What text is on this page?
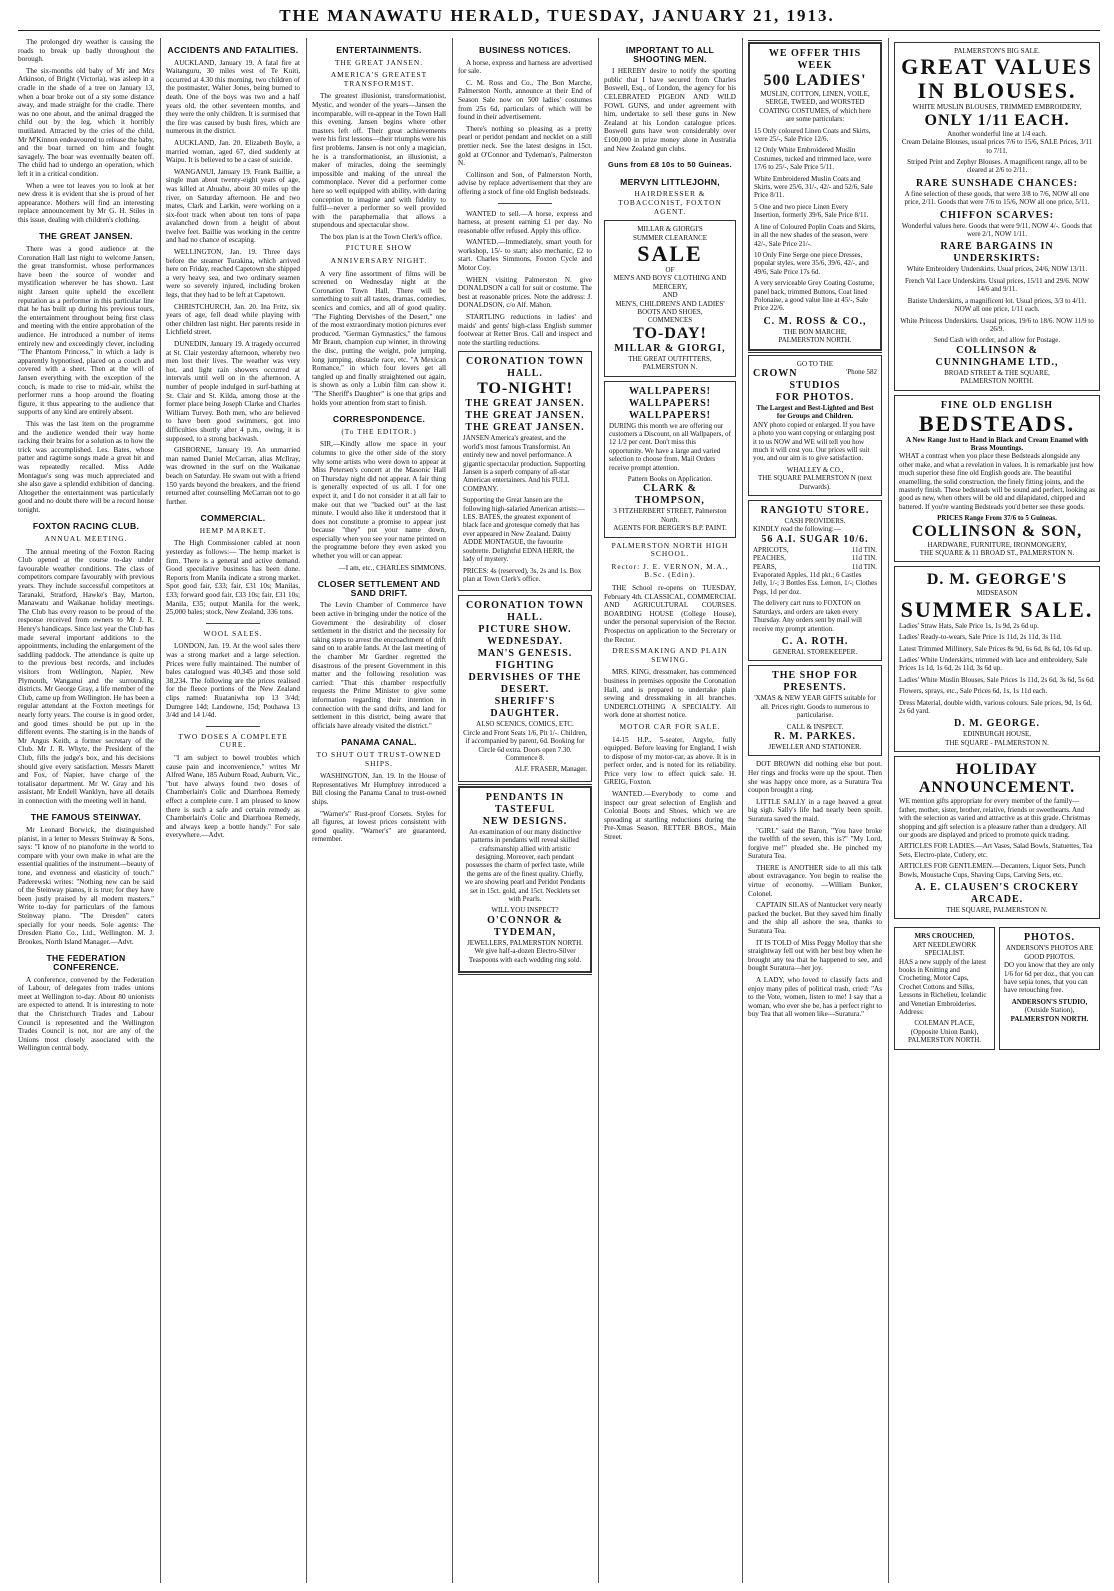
THE MANAWATU HERALD, TUESDAY, JANUARY 21, 1913.

The prolonged dry weather is causing the roads to break up badly throughout the borough.

The six-months old baby of Mr and Mrs Atkinson, of Bright (Victoria), was asleep in a cradle in the shade of a tree on January 13, when a boar broke out of a sty some distance away, and made straight for the cradle. There was no one about, and the animal dragged the child out by the leg, which it horribly mutilated. Attracted by the cries of the child, Mr M'Kinnon endeavoured to release the baby, and the boar turned on him and fought savagely. The boar was eventually beaten off. The child had to undergo an operation, which left it in a critical condition.

When a wee tot leaves you to look at her new dress it is evident that she is proud of her appearance. Mothers will find an interesting replace announcement by Mr G. H. Stiles in this issue, dealing with children's clothing.

THE GREAT JANSEN.

There was a good audience at the Coronation Hall last night to welcome Jansen, the great transformist, whose performances have been the source of wonder and mystification wherever he has shown. Last night Jansen quite upheld the excellent reputation as a performer in this particular line that he has built up during his previous tours, the entertainment throughout being first class and meeting with the entire approbation of the audience. He introduced a number of items entirely new and exceedingly clever, including "The Phantom Princess," in which a lady is apparently hypnotised, placed on a couch and covered with a sheet. Then at the will of Jansen everything with the exception of the couch, is made to rise to mid-air, whilst the performer runs a hoop around the floating figure, it thus appearing to the audience that supports of any kind are entirely absent.

This was the last item on the programme and the audience wended their way home racking their brains for a solution as to how the trick was accomplished. Les. Bates, whose patter and ragtime songs made a great hit and was repeatedly recalled. Miss Adde Montague's song was much appreciated and she also gave a splendid exhibition of dancing. Altogether the entertainment was particularly good and no doubt there will be a record house tonight.

FOXTON RACING CLUB.
ANNUAL MEETING.

The annual meeting of the Foxton Racing Club opened at the course to-day under favourable weather conditions. The class of competitors compare favourably with previous years. They include successful competitors at Taranaki, Stratford, Hawke's Bay, Marton, Manawatu and Waikanae holiday meetings. The Club has every reason to be proud of the response received from owners to Mr J. R. Henry's handicaps. Since last year the Club has made several important additions to the appointments, including the enlargement of the saddling paddock. The attendance is quite up to the previous best records, and includes visitors from Wellington, Napier, New Plymouth, Wanganui and the surrounding districts. Mr George Gray, a life member of the Club, came up from Wellington. He has been a regular attendant at the Foxton meetings for nearly forty years. The course is in good order, and good times should be put up in the different events. The starting is in the hands of Mr Angus Keith, a former secretary of the Club. Mr J. R. Whyte, the President of the Club, fills the judge's box, and his decisions should give every satisfaction. Messrs Marett and Fox, of Napier, have charge of the totalisator department. Mr W. Gray and his assistant, Mr Endell Wanklyn, have all details in connection with the meeting well in hand.

THE FAMOUS STEINWAY.

Mr Leonard Borwick, the distinguished pianist, in a letter to Messrs Steinway & Sons, says: "I know of no pianoforte in the world to compare with your own make in what are the essential qualities of the instrument—beauty of tone, and evenness and elasticity of touch." Paderewski writes: "Nothing new can be said of the Steinway pianos, it is true; for they have been justly praised by all modern masters." Write to-day for particulars of the famous Steinway piano. "The Dresden" caters specially for your needs. Sole agents: The Dresden Piano Co., Ltd., Wellington. M. J. Brookes, North Island Manager.—Advt.

THE FEDERATION CONFERENCE.

A conference, convened by the Federation of Labour, of delegates from trades unions meet at Wellington to-day. About 80 unionists are expected to attend. It is interesting to note that the Christchurch Trades and Labour Council is represented and the Wellington Trades Council is not, nor are any of the Unions most closely associated with the Wellington central body.

ACCIDENTS AND FATALITIES.

AUCKLAND, January 19. A fatal fire at Waitanguru, 30 miles west of Te Kuiti, occurred at 4.30 this morning, two children of the postmaster, Walter Jones, being burned to death. One of the boys was two and a half years old, the other seventeen months, and they were the only children. It is surmised that the fire was caused by bush fires, which are numerous in the district.

AUCKLAND, Jan. 20. Elizabeth Boyle, a married woman, aged 67, died suddenly at Waipu. It is believed to be a case of suicide.

WANGANUI, January 19. Frank Baillie, a single man about twenty-eight years of age, was killed at Ahuahu, about 30 miles up the river, on Saturday afternoon. He and two mates, Clark and Larkin, were working on a six-foot track when about ten tons of papa avalanched down from a height of about twelve feet. Baillie was working in the centre and had no chance of escaping.

WELLINGTON, Jan. 19. Three days before the steamer Turakina, which arrived here on Friday, reached Capetown she shipped a very heavy sea, and two ordinary seamen were so severely injured, including broken legs, that they had to be left at Capetown.

CHRISTCHURCH, Jan. 20. Ina Fritz, six years of age, fell dead while playing with other children last night. Her parents reside in Lichfield street.

DUNEDIN, January 19. A tragedy occurred at St. Clair yesterday afternoon, whereby two men lost their lives. The weather was very hot, and light rain showers occurred at intervals until well on in the afternoon. A number of people indulged in surf-bathing at St. Clair and St. Kilda, among those at the former place being Joseph Clarke and Charles William Turvey. Both men, who are believed to have been good swimmers, got into difficulties shortly after 4 p.m., owing, it is supposed, to a strong backwash.

GISBORNE, January 19. An unmarried man named Daniel McCarran, alias McIlray, was drowned in the surf on the Waikanae beach on Saturday. He swam out with a friend 150 yards beyond the breakers, and the friend returned after counselling McCarran not to go further.

COMMERCIAL.
HEMP MARKET.

The High Commissioner cabled at noon yesterday as follows:— The hemp market is firm. There is a general and active demand. Good speculative business has been done. Reports from Manila indicate a strong market. Spot good fair, £33; fair, £31 10s; Manilas, £33; forward good fair, £33 10s; fair, £31 10s; Manila, £35; output Manila for the week, 25,000 bales; stock, New Zealand, 336 tons.

WOOL SALES.

LONDON, Jan. 19. At the wool sales there was a strong market and a large selection. Prices were fully maintained. The number of bales catalogued was 40,345 and those sold 38,234. The following are the prices realised for the fleece portions of the New Zealand clips named: Ruataniwha top 13 3/4d; Dumgree 14d; Landowne, 15d; Pouhawa 13 3/4d and 14 1/4d.

TWO DOSES A COMPLETE CURE.

"I am subject to bowel troubles which cause pain and inconvenience," writes Mr Alfred Wane, 185 Auburn Road, Auburn, Vic., "but have always found two doses of Chamberlain's Colic and Diarrhoea Remedy effect a complete cure. I am pleased to know there is such a safe and certain remedy as Chamberlain's Colic and Diarrhoea Remedy, and always keep a bottle handy." For sale everywhere.—Advt.

ENTERTAINMENTS.
THE GREAT JANSEN.
AMERICA'S GREATEST TRANSFORMIST.

The greatest illusionist, transformationist, Mystic, and wonder of the years—Jansen the incomparable, will re-appear in the Town Hall this evening. Jansen begins where other masters left off. Their great achievements were his first lessons—their triumphs were his first problems. Jansen is not only a magician, he is a transformationist, an illusionist, a maker of miracles, doing the seemingly impossible and making of the unreal the commonplace. Never did a performer come here so well equipped with ability, with daring conception to imagine and with fidelity to fulfil—never a performer so well provided with the paraphernalia that allows a stupendous and spectacular show.

The box plan is at the Town Clerk's office.

PICTURE SHOW
ANNIVERSARY NIGHT.

A very fine assortment of films will be screened on Wednesday night at the Coronation Town Hall. There will be something to suit all tastes, dramas, comedies, scenics and comics, and all of good quality. "The Fighting Dervishes of the Desert," one of the most extraordinary motion pictures ever produced. "German Gymnastics," the famous Mr Braun, champion cup winner, in throwing the disc, putting the weight, pole jumping, long jumping, obstacle race, etc. "A Mexican Romance," in which four lovers get all tangled up and finally straightened out again, is shown as only a Lubin film can show it. "The Sheriff's Daughter" is one that grips and holds your attention from start to finish.

CORRESPONDENCE.
(To THE EDITOR.)

SIR,—Kindly allow me space in your columns to give the other side of the story why some artists who were down to appear at Miss Petersen's concert at the Masonic Hall on Thursday night did not appear. A fair thing is generally expected of us all. I for one expect it, and I do not consider it at all fair to make out that we "backed out" at the last minute. I would also like it understood that it does not constitute a promise to appear just because "they" put your name down, especially when you see your name printed on the programme before they even asked you whether you will or can appear.

—I am, etc., CHARLES SIMMONS.

CLOSER SETTLEMENT AND SAND DRIFT.

The Levin Chamber of Commerce have been active in bringing under the notice of the Government the desirability of closer settlement in the district and the necessity for taking steps to arrest the encroachment of drift sand on to arable lands. At the last meeting of the chamber Mr Gardner regretted the disastrous of the present Government in this matter and the following resolution was carried: "That this chamber respectfully requests the Prime Minister to give some information regarding their intention in connection with the sand drifts, and land for settlement in this district, being aware that officials have already visited the district."

PANAMA CANAL.
TO SHUT OUT TRUST-OWNED SHIPS.

WASHINGTON, Jan. 19. In the House of Representatives Mr Humphrey introduced a Bill closing the Panama Canal to trust-owned ships.

"Warner's" Rust-proof Corsets. Styles for all figures, at lowest prices consistent with good quality. "Warner's" are guaranteed, remember.

BUSINESS NOTICES.

A horse, express and harness are advertised for sale.

C. M. Ross and Co., The Bon Marche, Palmerston North, announce at their End of Season Sale now on 500 ladies' costumes from 25s 6d, particulars of which will be found in their advertisement.

There's nothing so pleasing as a pretty pearl or peridot pendant and necklet on a still prettier neck. See the latest designs in 15ct. gold at O'Connor and Tydeman's, Palmerston N.

Collinson and Son, of Palmerston North, advise by replace advertisement that they are offering a stock of fine old English bedsteads.

WANTED to sell.—A horse, express and harness, at present earning £1 per day. No reasonable offer refused. Apply this office.

WANTED.—Immediately, smart youth for workshop, 15/- to start; also mechanic, £2 to start. Charles Simmons, Foxton Cycle and Motor Coy.

WHEN visiting Palmerston N. give DONALDSON a call for suit or costume. The best at reasonable prices. Note the address: J. DONALDSON, c/o Alf. Mahon.

STARTLING reductions in ladies' and maids' and gents' high-class English summer footwear at Retter Bros. Call and inspect and note the startling reductions.

CORONATION TOWN HALL.
TO-NIGHT!
THE GREAT JANSEN.
THE GREAT JANSEN.
THE GREAT JANSEN.

JANSEN America's greatest, and the world's most famous Transformist. An entirely new and novel performance. A gigantic spectacular production. Supporting Jansen is a superb company of all-star American entertainers. And his FULL COMPANY.

Supporting the Great Jansen are the following high-salaried American artists:— LES. BATES, the greatest exponent of black face and grotesque comedy that has ever appeared in New Zealand. Dainty ADDE MONTAGUE, the favourite soubrette. Delightful EDNA HERR, the lady of mystery.

PRICES: 4s (reserved), 3s, 2s and 1s. Box plan at Town Clerk's office.

CORONATION TOWN HALL.
PICTURE SHOW.
WEDNESDAY.
MAN'S GENESIS.
FIGHTING DERVISHES OF THE DESERT.
SHERIFF'S DAUGHTER.
ALSO SCENICS, COMICS, ETC.

Circle and Front Seats 1/6, Pit 1/-. Children, if accompanied by parent, 6d. Booking for Circle 6d extra. Doors open 7.30. Commence 8.

ALF. FRASER, Manager.

PENDANTS IN
TASTEFUL
NEW DESIGNS.

An examination of our many distinctive patterns in pendants will reveal skilled craftsmanship allied with artistic designing. Moreover, each pendant possesses the charm of perfect taste, while the gems are of the finest quality. Chiefly, we are showing pearl and Peridot Pendants set in 15ct. gold, and 15ct. Necklets set with Pearls.

WILL YOU INSPECT?
O'CONNOR & TYDEMAN,
JEWELLERS, PALMERSTON NORTH.

We give half-a-dozen Electro-Silver Teaspoons with each wedding ring sold.

IMPORTANT TO ALL SHOOTING MEN.

I HEREBY desire to notify the sporting public that I have secured from Charles Boswell, Esq., of London, the agency for his CELEBRATED PIGEON AND WILD FOWL GUNS, and under agreement with him, undertake to sell these guns in New Zealand at his London catalogue prices. Boswell guns have won considerably over £100,000 in prize money alone in Australia and New Zealand gun clubs.

Guns from £8 10s to 50 Guineas.
MERVYN LITTLEJOHN,
HAIRDRESSER & TOBACCONIST, FOXTON AGENT.
MILLAR & GIORGI'S
SUMMER CLEARANCE
SALE
OF
MEN'S AND BOYS' CLOTHING AND MERCERY,
AND
MEN'S, CHILDREN'S AND LADIES'
BOOTS AND SHOES,
COMMENCES
TO-DAY!
MILLAR & GIORGI,
THE GREAT OUTFITTERS,
PALMERSTON N.
WALLPAPERS! WALLPAPERS! WALLPAPERS!

DURING this month we are offering our customers a Discount, on all Wallpapers, of 12 1/2 per cent. Don't miss this opportunity. We have a large and varied selection to choose from. Mail Orders receive prompt attention.

Pattern Books on Application.
CLARK & THOMPSON,
3 FITZHERBERT STREET, Palmerston North.
AGENTS FOR BERGER'S B.P. PAINT.
PALMERSTON NORTH HIGH SCHOOL.
Rector: J. E. VERNON, M.A., B.Sc. (Edin).

THE School re-opens on TUESDAY, February 4th. CLASSICAL, COMMERCIAL AND AGRICULTURAL COURSES. BOARDING HOUSE (College House), under the personal supervision of the Rector. Prospectus on application to the Secretary or the Rector.

DRESSMAKING AND PLAIN SEWING.

MRS. KING, dressmaker, has commenced business in premises opposite the Coronation Hall, and is prepared to undertake plain sewing and dressmaking in all branches. UNDERCLOTHING A SPECIALTY. All work done at shortest notice.

MOTOR CAR FOR SALE.

14-15 H.P., 5-seater, Argyle, fully equipped. Before leaving for England, I wish to dispose of my motor-car, as above. It is in perfect order, and is noted for its reliability. Price very low to effect quick sale. H. GREIG, Foxton.

WANTED.—Everybody to come and inspect our great selection of English and Colonial Boots and Shoes, which we are spreading at startling reductions during the Pre-Xmas Season. RETTER BROS., Main Street.

WE OFFER THIS WEEK
500 LADIES'

MUSLIN, COTTON, LINEN, VOILE, SERGE, TWEED, and WORSTED COATING COSTUMES, of which here are some particulars:

15 Only coloured Linen Coats and Skirts, were 25/-, Sale Price 12/6.

12 Only White Embroidered Muslin Costumes, tucked and trimmed lace, were 17/6 to 25/-, Sale Price 5/11.

White Embroidered Muslin Coats and Skirts, were 25/6, 31/-, 42/- and 52/6, Sale Price 8/11.

5 One and two piece Linen Every Insertion, formerly 39/6, Sale Price 8/11.

A line of Coloured Poplin Coats and Skirts, in all the new shades of the season, were 42/-, Sale Price 21/-.

10 Only Fine Serge one piece Dresses, popular styles, were 35/6, 39/6, 42/-, and 49/6, Sale Price 17s 6d.

A very serviceable Grey Coating Costume, panel back, trimmed Buttons, Coat lined Polonaise, a good value line at 45/-, Sale Price 22/6.

C. M. ROSS & CO.,
THE BON MARCHE,
PALMERSTON NORTH.
GO TO THE
CROWN	'Phone 582
STUDIOS
FOR PHOTOS.
The Largest and Best-Lighted and Best for Groups and Children.

ANY photo copied or enlarged. If you have a photo you want copying or enlarging post it to us NOW and WE will tell you how much it will cost you. Our prices will suit you, and our aim is to give satisfaction.

WHALLEY & CO.,
THE SQUARE PALMERSTON N (next Durwards).
RANGIOTU STORE.
CASH PROVIDERS.
KINDLY read the following:—
56 A.I. SUGAR 10/6.
APRICOTS,	11d TIN.
PEACHES,	11d TIN.
PEARS,	11d TIN.

Evaporated Apples, 11d pkt.; 6 Castles Jelly, 1/-; 3 Bottles Ess. Lemon, 1/-; Clothes Pegs, 1d per doz.

The delivery cart runs to FOXTON on Saturdays, and orders are taken every Thursday. Any orders sent by mail will receive my prompt attention.

C. A. ROTH.
GENERAL STOREKEEPER.
THE SHOP FOR PRESENTS.

'XMAS & NEW YEAR GIFTS suitable for all. Prices right. Goods to numerous to particularise.

CALL & INSPECT.
R. M. PARKES.
JEWELLER AND STATIONER.

DOT BROWN did nothing else but pout. Her rings and frocks were up the spout. Then she was happy once more, as a Suratura Tea coupon brought a ring.

LITTLE SALLY in a rage heaved a great big sigh. Sally's life had nearly been spoilt. Suratura saved the maid.

"GIRL" said the Baron, "You have broke the twelfth of the seven, this is?" "My Lord, forgive me!" pleaded she. He pinched my Suratura Tea.

THERE is ANOTHER side to all this talk about extravagance. You begin to realise the virtue of economy. —William Bunker, Colonel.

CAPTAIN SILAS of Nantucket very nearly packed the bucket. But they saved him finally and the ship all ashore the sea, thanks to Suratura Tea.

IT IS TOLD of Miss Peggy Molloy that she straightway fell out with her best boy when he brought any tea that he happened to see, and bought Suratura—her joy.

A LADY, who loved to classify facts and enjoy many piles of political trash, cried: "As to the Vote, women, listen to me! I say that a woman, who ever she be, has a perfect right to buy Tea that all women like—Suratura."

PALMERSTON'S BIG SALE.
GREAT VALUES
IN BLOUSES.
WHITE MUSLIN BLOUSES, TRIMMED EMBROIDERY,
ONLY 1/11 EACH.
Another wonderful line at 1/4 each.

Cream Delaine Blouses, usual prices 7/6 to 15/6, SALE Prices, 3/11 to 7/11.

Striped Print and Zephyr Blouses. A magnificent range, all to be cleared at 2/6 to 2/11.

RARE SUNSHADE CHANCES:

A fine selection of these goods, that were 3/8 to 7/6, NOW all one price, 2/11. Goods that were 7/6 to 15/6, NOW all one price, 5/11.

CHIFFON SCARVES:

Wonderful values here. Goods that were 9/11, NOW 4/-. Goods that were 2/1, NOW 1/11.

RARE BARGAINS IN UNDERSKIRTS:

White Embroidery Underskirts. Usual prices, 24/6, NOW 13/11.

French Val Lace Underskirts. Usual prices, 15/11 and 29/6. NOW 14/6 and 9/11.

Batiste Underskirts, a magnificent lot. Usual prices, 3/3 to 4/11. NOW all one price, 1/11 each.

White Princess Underskirts. Usual prices, 19/6 to 18/6. NOW 11/9 to 26/9.

Send Cash with order, and allow for Postage.
COLLINSON &
CUNNINGHAME LTD.,
BROAD STREET & THE SQUARE,
PALMERSTON NORTH.
FINE OLD ENGLISH
BEDSTEADS.
A New Range Just to Hand in Black and Cream Enamel with Brass Mountings.

WHAT a contrast when you place these Bedsteads alongside any other make, and what a revelation in values. It is remarkable just how much superior these fine old English goods are. The beautiful enamelling, the solid construction, the finely fitting joints, and the masterly finish. These bedsteads will be sound and perfect, looking as good as new, when others will be old and dilapidated, chipped and battered. If you're wanting Bedsteads you'd better see these goods.

PRICES Range From 37/6 to 5 Guineas.
COLLINSON & SON,
HARDWARE, FURNITURE, IRONMONGERY,
THE SQUARE & 11 BROAD ST., PALMERSTON N.
D. M. GEORGE'S
MIDSEASON
SUMMER SALE.

Ladies' Straw Hats, Sale Price 1s, 1s 9d, 2s 6d up.

Ladies' Ready-to-wears, Sale Price 1s 11d, 2s 11d, 3s 11d.

Latest Trimmed Millinery, Sale Prices 8s 9d, 6s 6d, 8s 6d, 10s 6d up.

Ladies' White Underskirts, trimmed with lace and embroidery, Sale Prices 1s 1d, 1s 6d, 2s 11d, 3s 6d up.

Ladies' White Muslin Blouses, Sale Prices 1s 11d, 2s 6d, 3s 6d, 5s 6d.

Flowers, sprays, etc., Sale Prices 6d, 1s, 1s 11d each.

Dress Material, double width, various colours. Sale prices, 9d, 1s 6d, 2s 6d yard.

D. M. GEORGE.
EDINBURGH HOUSE,
THE SQUARE - PALMERSTON N.
HOLIDAY
ANNOUNCEMENT.

WE mention gifts appropriate for every member of the family—father, mother, sister, brother, relative, friends or sweethearts. And with the selection as varied and attractive as at this grade. Christmas shopping and gift selection is a pleasure rather than a drudgery. All our goods are displayed and priced to promote quick trading.

ARTICLES FOR LADIES.—Art Vases, Salad Bowls, Statuettes, Tea Sets, Electro-plate, Cutlery, etc.

ARTICLES FOR GENTLEMEN.—Decanters, Liquor Sets, Punch Bowls, Moustache Cups, Shaving Cups, Carving Sets, etc.

A. E. CLAUSEN'S CROCKERY ARCADE.
THE SQUARE, PALMERSTON N.
MRS CROUCHED,
ART NEEDLEWORK SPECIALIST.

HAS a new supply of the latest books in Knitting and Crocheting, Motor Caps, Crochet Cottons and Silks, Lessons in Richelieu, Icelandic and Venetian Embroideries. Address:

COLEMAN PLACE,
(Opposite Union Bank), PALMERSTON NORTH.
PHOTOS.
ANDERSON'S PHOTOS ARE GOOD PHOTOS.

DO you know that they are only 1/6 for 6d per doz., that you can have sepia tones, that you can have retouching free.

ANDERSON'S STUDIO,
(Outside Station),
PALMERSTON NORTH.
